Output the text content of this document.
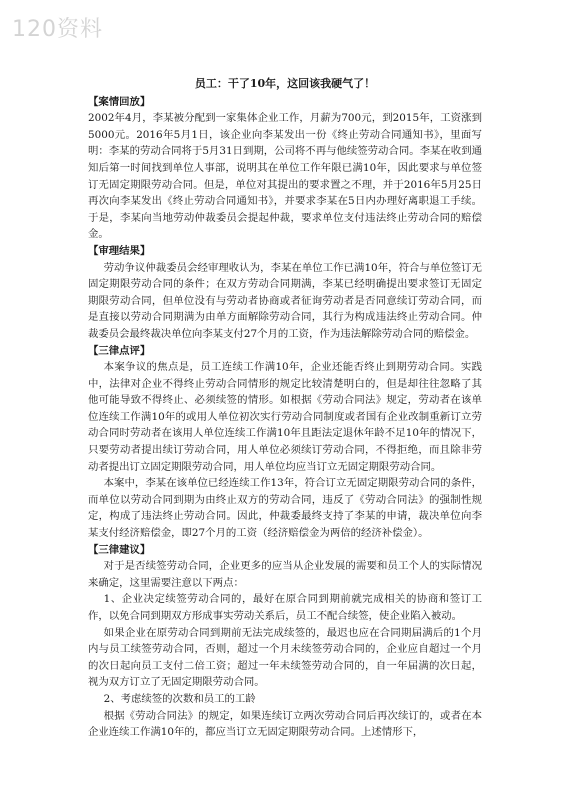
120资料
员工：干了10年，这回该我硬气了！
【案情回放】

2002年4月，李某被分配到一家集体企业工作，月薪为700元，到2015年，工资涨到5000元。2016年5月1日，该企业向李某发出一份《终止劳动合同通知书》，里面写明：李某的劳动合同将于5月31日到期，公司将不再与他续签劳动合同。李某在收到通知后第一时间找到单位人事部，说明其在单位工作年限已满10年，因此要求与单位签订无固定期限劳动合同。但是，单位对其提出的要求置之不理，并于2016年5月25日再次向李某发出《终止劳动合同通知书》，并要求李某在5日内办理好离职退工手续。于是，李某向当地劳动仲裁委员会提起仲裁，要求单位支付违法终止劳动合同的赔偿金。

【审理结果】

劳动争议仲裁委员会经审理收认为，李某在单位工作已满10年，符合与单位签订无固定期限劳动合同的条件；在双方劳动合同期满，李某已经明确提出要求签订无固定期限劳动合同，但单位没有与劳动者协商或者征询劳动者是否同意续订劳动合同，而是直接以劳动合同期满为由单方面解除劳动合同，其行为构成违法终止劳动合同。仲裁委员会最终裁决单位向李某支付27个月的工资，作为违法解除劳动合同的赔偿金。

【三律点评】

本案争议的焦点是，员工连续工作满10年，企业还能否终止到期劳动合同。实践中，法律对企业不得终止劳动合同情形的规定比较清楚明白的，但是却往往忽略了其他可能导致不得终止、必须续签的情形。如根据《劳动合同法》规定，劳动者在该单位连续工作满10年的或用人单位初次实行劳动合同制度或者国有企业改制重新订立劳动合同时劳动者在该用人单位连续工作满10年且距法定退休年龄不足10年的情况下，只要劳动者提出续订劳动合同，用人单位必须续订劳动合同，不得拒绝，而且除非劳动者提出订立固定期限劳动合同，用人单位均应当订立无固定期限劳动合同。

本案中，李某在该单位已经连续工作13年，符合订立无固定期限劳动合同的条件，而单位以劳动合同到期为由终止双方的劳动合同，违反了《劳动合同法》的强制性规定，构成了违法终止劳动合同。因此，仲裁委最终支持了李某的申请，裁决单位向李某支付经济赔偿金，即27个月的工资（经济赔偿金为两倍的经济补偿金）。

【三律建议】

对于是否续签劳动合同，企业更多的应当从企业发展的需要和员工个人的实际情况来确定，这里需要注意以下两点：

1、企业决定续签劳动合同的，最好在原合同到期前就完成相关的协商和签订工作，以免合同到期双方形成事实劳动关系后，员工不配合续签，使企业陷入被动。

如果企业在原劳动合同到期前无法完成续签的，最迟也应在合同期届满后的1个月内与员工续签劳动合同，否则，超过一个月未续签劳动合同的，企业应自超过一个月的次日起向员工支付二倍工资；超过一年未续签劳动合同的，自一年届满的次日起，视为双方订立了无固定期限劳动合同。

2、考虑续签的次数和员工的工龄

根据《劳动合同法》的规定，如果连续订立两次劳动合同后再次续订的，或者在本企业连续工作满10年的，都应当订立无固定期限劳动合同。上述情形下，
